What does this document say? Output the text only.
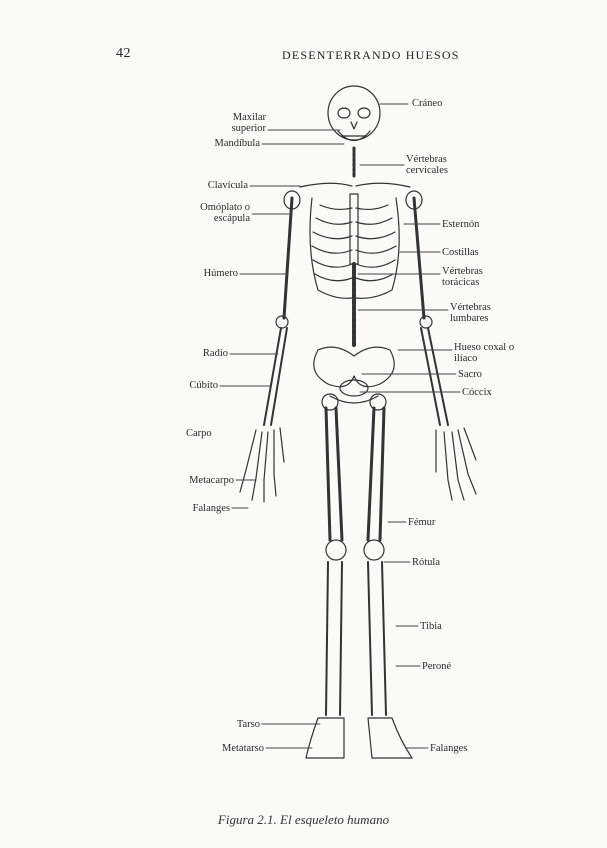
42	DESENTERRANDO HUESOS
Cráneo
Maxilar superior
Mandíbula
Vértebras cervicales
Clavícula
Omóplato o escápula
Esternón
Costillas
Húmero	Vértebras torácicas
Vértebras lumbares
Hueso coxal o ilíaco
Radio
Sacro
Cúbito
Cóccix
Carpo
Metacarpo
Falanges
Fémur
Rótula
Tibia
Peroné
Tarso
Metatarso	Falanges
Figura 2.1. El esqueleto humano
